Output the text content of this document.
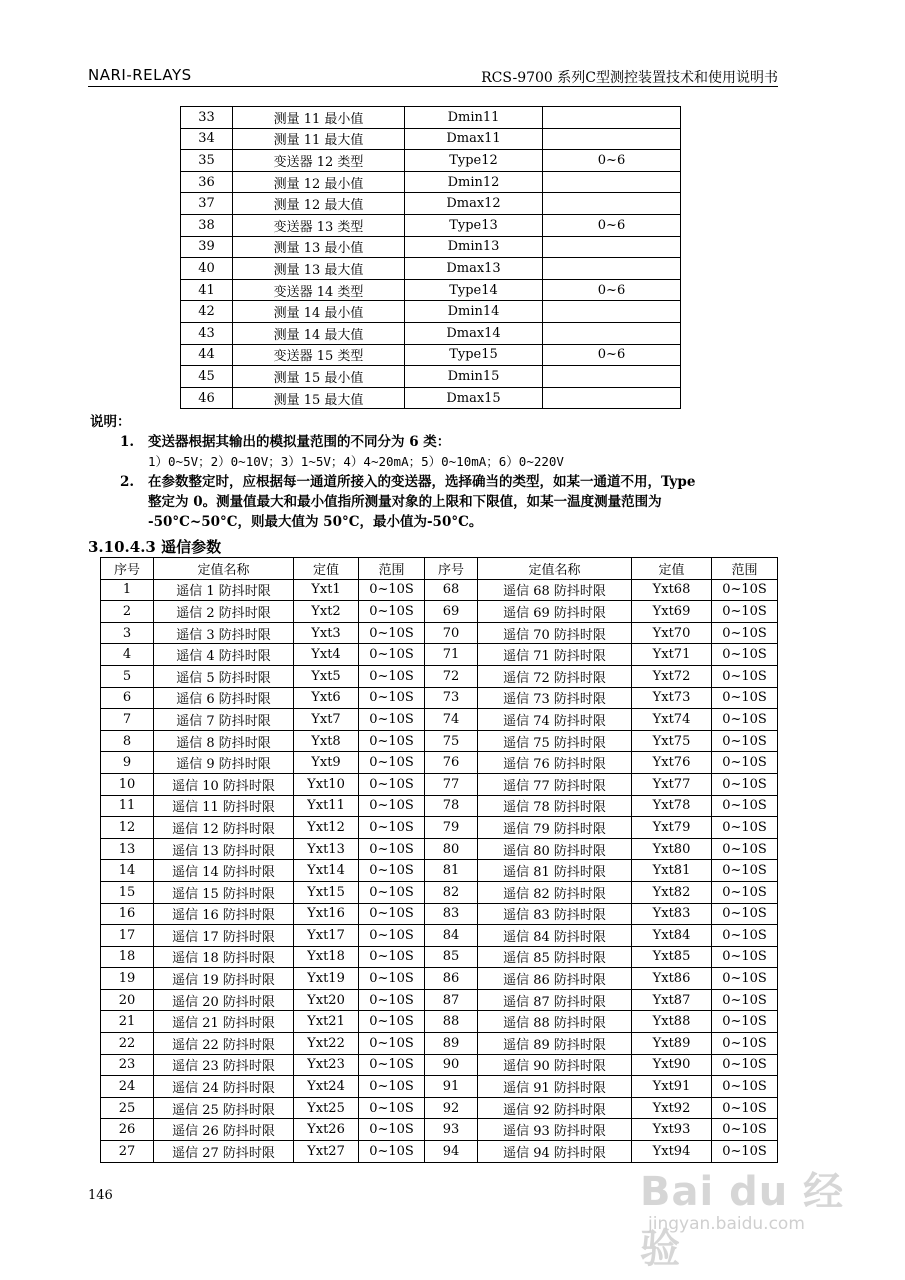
NARI-RELAYS	RCS-9700 系列C型测控装置技术和使用说明书
33	测量 11 最小值	Dmin11	
34	测量 11 最大值	Dmax11	
35	变送器 12 类型	Type12	0~6
36	测量 12 最小值	Dmin12	
37	测量 12 最大值	Dmax12	
38	变送器 13 类型	Type13	0~6
39	测量 13 最小值	Dmin13	
40	测量 13 最大值	Dmax13	
41	变送器 14 类型	Type14	0~6
42	测量 14 最小值	Dmin14	
43	测量 14 最大值	Dmax14	
44	变送器 15 类型	Type15	0~6
45	测量 15 最小值	Dmin15	
46	测量 15 最大值	Dmax15	
说明：
1. 变送器根据其输出的模拟量范围的不同分为 6 类：
1）0~5V；2）0~10V；3）1~5V；4）4~20mA；5）0~10mA；6）0~220V
2. 在参数整定时，应根据每一通道所接入的变送器，选择确当的类型，如某一通道不用，Type
整定为 0。测量值最大和最小值指所测量对象的上限和下限值，如某一温度测量范围为
-50°C~50°C，则最大值为 50°C，最小值为-50°C。
3.10.4.3 遥信参数
序号	定值名称	定值	范围	序号	定值名称	定值	范围
1	遥信 1 防抖时限	Yxt1	0~10S	68	遥信 68 防抖时限	Yxt68	0~10S
2	遥信 2 防抖时限	Yxt2	0~10S	69	遥信 69 防抖时限	Yxt69	0~10S
3	遥信 3 防抖时限	Yxt3	0~10S	70	遥信 70 防抖时限	Yxt70	0~10S
4	遥信 4 防抖时限	Yxt4	0~10S	71	遥信 71 防抖时限	Yxt71	0~10S
5	遥信 5 防抖时限	Yxt5	0~10S	72	遥信 72 防抖时限	Yxt72	0~10S
6	遥信 6 防抖时限	Yxt6	0~10S	73	遥信 73 防抖时限	Yxt73	0~10S
7	遥信 7 防抖时限	Yxt7	0~10S	74	遥信 74 防抖时限	Yxt74	0~10S
8	遥信 8 防抖时限	Yxt8	0~10S	75	遥信 75 防抖时限	Yxt75	0~10S
9	遥信 9 防抖时限	Yxt9	0~10S	76	遥信 76 防抖时限	Yxt76	0~10S
10	遥信 10 防抖时限	Yxt10	0~10S	77	遥信 77 防抖时限	Yxt77	0~10S
11	遥信 11 防抖时限	Yxt11	0~10S	78	遥信 78 防抖时限	Yxt78	0~10S
12	遥信 12 防抖时限	Yxt12	0~10S	79	遥信 79 防抖时限	Yxt79	0~10S
13	遥信 13 防抖时限	Yxt13	0~10S	80	遥信 80 防抖时限	Yxt80	0~10S
14	遥信 14 防抖时限	Yxt14	0~10S	81	遥信 81 防抖时限	Yxt81	0~10S
15	遥信 15 防抖时限	Yxt15	0~10S	82	遥信 82 防抖时限	Yxt82	0~10S
16	遥信 16 防抖时限	Yxt16	0~10S	83	遥信 83 防抖时限	Yxt83	0~10S
17	遥信 17 防抖时限	Yxt17	0~10S	84	遥信 84 防抖时限	Yxt84	0~10S
18	遥信 18 防抖时限	Yxt18	0~10S	85	遥信 85 防抖时限	Yxt85	0~10S
19	遥信 19 防抖时限	Yxt19	0~10S	86	遥信 86 防抖时限	Yxt86	0~10S
20	遥信 20 防抖时限	Yxt20	0~10S	87	遥信 87 防抖时限	Yxt87	0~10S
21	遥信 21 防抖时限	Yxt21	0~10S	88	遥信 88 防抖时限	Yxt88	0~10S
22	遥信 22 防抖时限	Yxt22	0~10S	89	遥信 89 防抖时限	Yxt89	0~10S
23	遥信 23 防抖时限	Yxt23	0~10S	90	遥信 90 防抖时限	Yxt90	0~10S
24	遥信 24 防抖时限	Yxt24	0~10S	91	遥信 91 防抖时限	Yxt91	0~10S
25	遥信 25 防抖时限	Yxt25	0~10S	92	遥信 92 防抖时限	Yxt92	0~10S
26	遥信 26 防抖时限	Yxt26	0~10S	93	遥信 93 防抖时限	Yxt93	0~10S
27	遥信 27 防抖时限	Yxt27	0~10S	94	遥信 94 防抖时限	Yxt94	0~10S
146	Bai du 经验
jingyan.baidu.com
